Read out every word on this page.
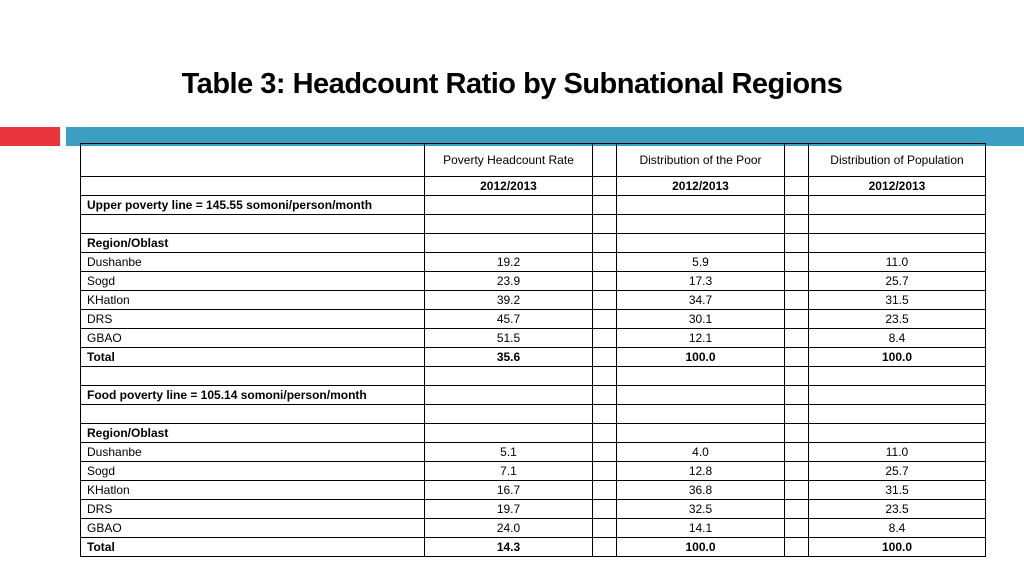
Table 3: Headcount Ratio by Subnational Regions
	Poverty Headcount Rate		Distribution of the Poor		Distribution of Population
	2012/2013		2012/2013		2012/2013
Upper poverty line = 145.55 somoni/person/month					

Region/Oblast					
Dushanbe	19.2		5.9		11.0
Sogd	23.9		17.3		25.7
KHatlon	39.2		34.7		31.5
DRS	45.7		30.1		23.5
GBAO	51.5		12.1		8.4
Total	35.6		100.0		100.0

Food poverty line = 105.14 somoni/person/month					

Region/Oblast					
Dushanbe	5.1		4.0		11.0
Sogd	7.1		12.8		25.7
KHatlon	16.7		36.8		31.5
DRS	19.7		32.5		23.5
GBAO	24.0		14.1		8.4
Total	14.3		100.0		100.0
